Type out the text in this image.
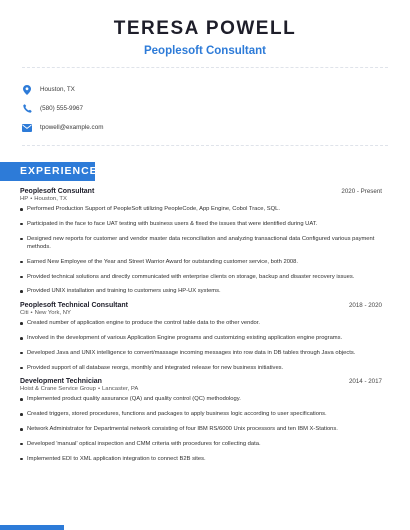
TERESA POWELL
Peoplesoft Consultant
Houston, TX
(580) 555-9967
tpowell@example.com
EXPERIENCE
Peoplesoft Consultant	2020 - Present
HP • Houston, TX
Performed Production Support of PeopleSoft utilizing PeopleCode, App Engine, Cobol Trace, SQL.
Participated in the face to face UAT testing with business users & fixed the issues that were identified during UAT.
Designed new reports for customer and vendor master data reconciliation and analyzing transactional data Configured various payment methods.
Earned New Employee of the Year and Street Warrior Award for outstanding customer service, both 2008.
Provided technical solutions and directly communicated with enterprise clients on storage, backup and disaster recovery issues.
Provided UNIX installation and training to customers using HP-UX systems.
Peoplesoft Technical Consultant	2018 - 2020
Citi • New York, NY
Created number of application engine to produce the control table data to the other vendor.
Involved in the development of various Application Engine programs and customizing existing application engine programs.
Developed Java and UNIX intelligence to convert/massage incoming messages into row data in DB tables through Java objects.
Provided support of all database reorgs, monthly and integrated release for new business initiatives.
Development Technician	2014 - 2017
Hoist & Crane Service Group • Lancaster, PA
Implemented product quality assurance (QA) and quality control (QC) methodology.
Created triggers, stored procedures, functions and packages to apply business logic according to user specifications.
Network Administrator for Departmental network consisting of four IBM RS/6000 Unix processors and ten IBM X-Stations.
Developed 'manual' optical inspection and CMM criteria with procedures for collecting data.
Implemented EDI to XML application integration to connect B2B sites.
